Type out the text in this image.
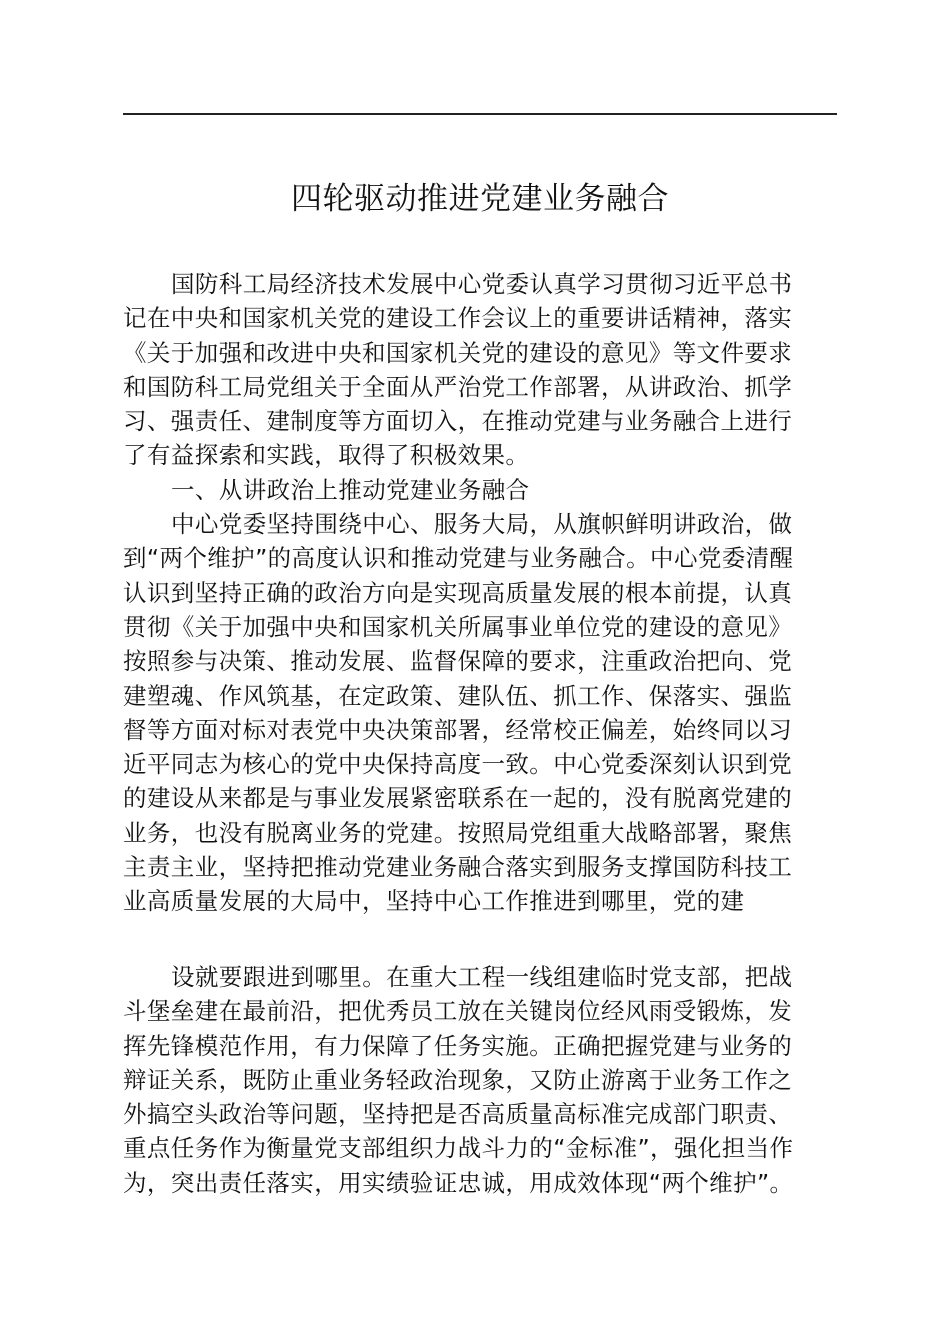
四轮驱动推进党建业务融合
国防科工局经济技术发展中心党委认真学习贯彻习近平总书
记在中央和国家机关党的建设工作会议上的重要讲话精神，落实
《关于加强和改进中央和国家机关党的建设的意见》等文件要求
和国防科工局党组关于全面从严治党工作部署，从讲政治、抓学
习、强责任、建制度等方面切入，在推动党建与业务融合上进行
了有益探索和实践，取得了积极效果。
一、从讲政治上推动党建业务融合
中心党委坚持围绕中心、服务大局，从旗帜鲜明讲政治，做
到“两个维护”的高度认识和推动党建与业务融合。中心党委清醒
认识到坚持正确的政治方向是实现高质量发展的根本前提，认真
贯彻《关于加强中央和国家机关所属事业单位党的建设的意见》
按照参与决策、推动发展、监督保障的要求，注重政治把向、党
建塑魂、作风筑基，在定政策、建队伍、抓工作、保落实、强监
督等方面对标对表党中央决策部署，经常校正偏差，始终同以习
近平同志为核心的党中央保持高度一致。中心党委深刻认识到党
的建设从来都是与事业发展紧密联系在一起的，没有脱离党建的
业务，也没有脱离业务的党建。按照局党组重大战略部署，聚焦
主责主业，坚持把推动党建业务融合落实到服务支撑国防科技工
业高质量发展的大局中，坚持中心工作推进到哪里，党的建
设就要跟进到哪里。在重大工程一线组建临时党支部，把战
斗堡垒建在最前沿，把优秀员工放在关键岗位经风雨受锻炼，发
挥先锋模范作用，有力保障了任务实施。正确把握党建与业务的
辩证关系，既防止重业务轻政治现象，又防止游离于业务工作之
外搞空头政治等问题，坚持把是否高质量高标准完成部门职责、
重点任务作为衡量党支部组织力战斗力的“金标准”，强化担当作
为，突出责任落实，用实绩验证忠诚，用成效体现“两个维护”。
